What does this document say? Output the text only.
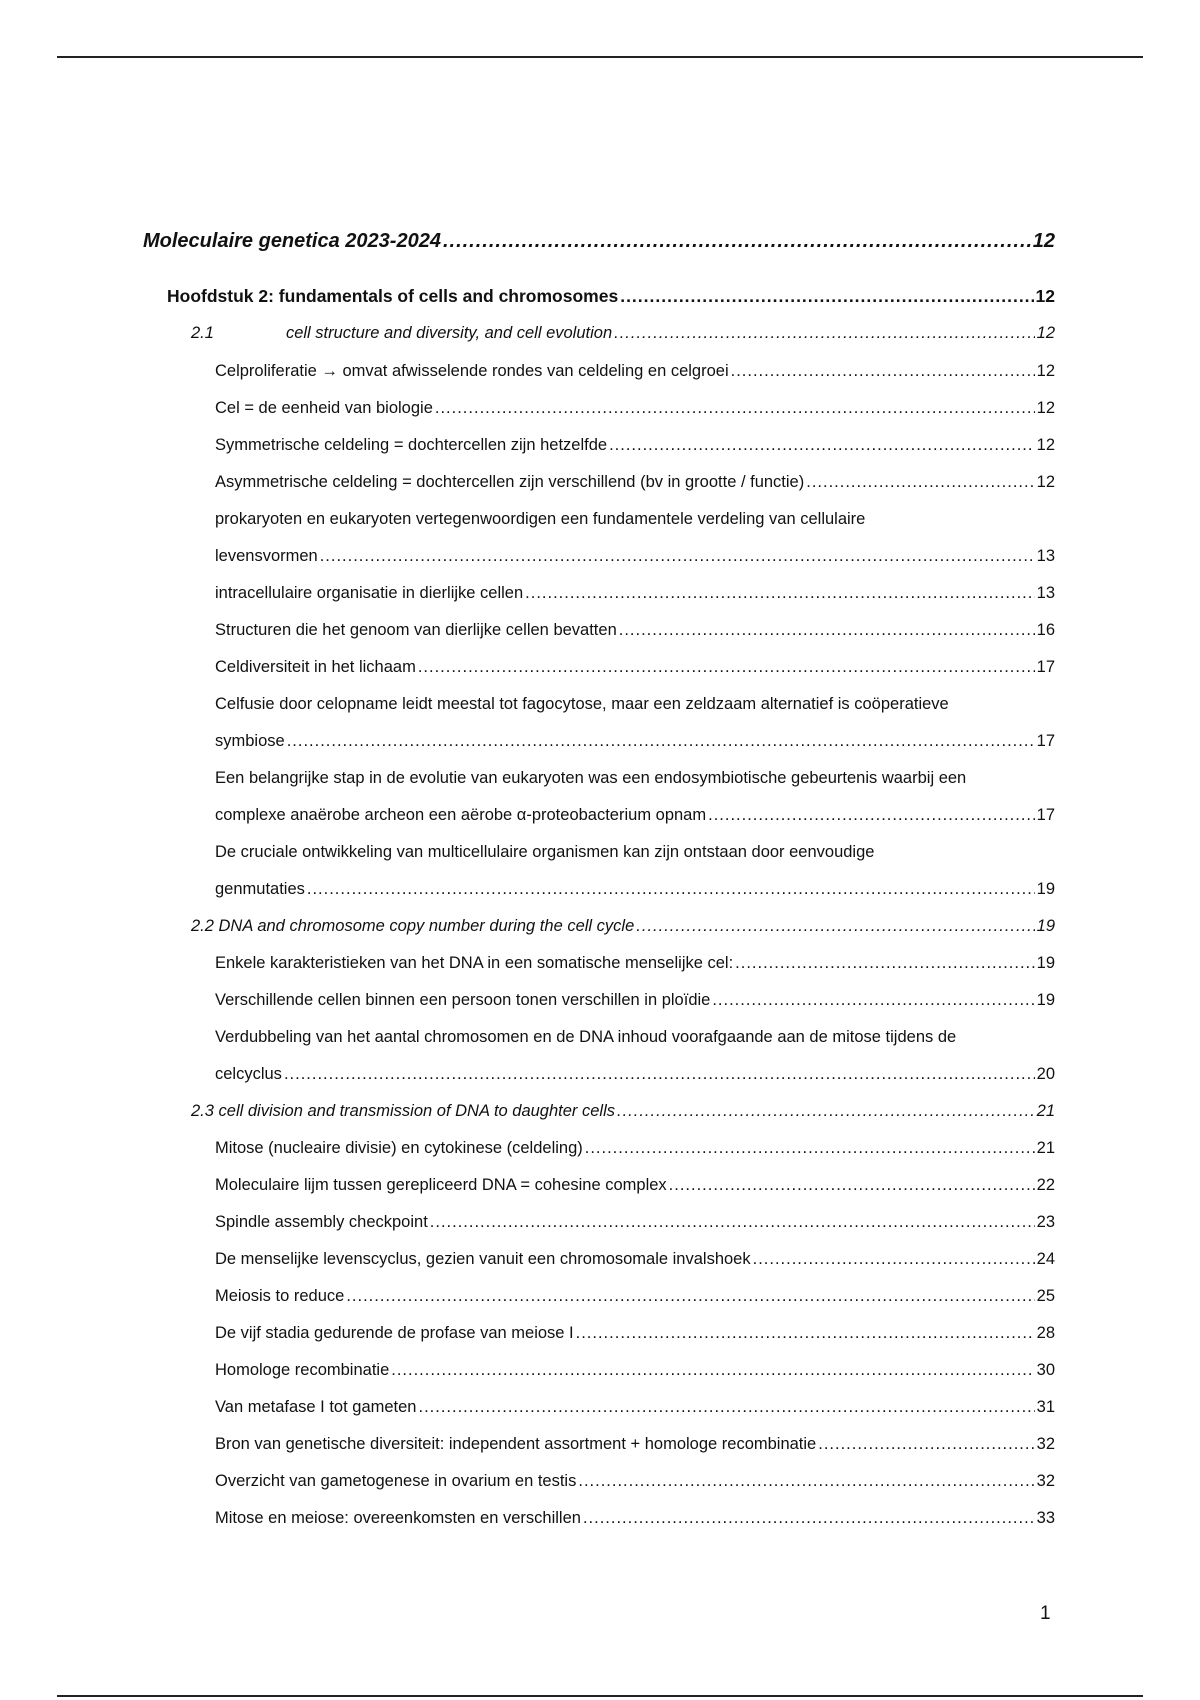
Moleculaire genetica 2023-2024 .....	12
Hoofdstuk 2: fundamentals of cells and chromosomes .....	12
2.1	cell structure and diversity, and cell evolution .....	12
Celproliferatie → omvat afwisselende rondes van celdeling en celgroei .....	12
Cel = de eenheid van biologie .....	12
Symmetrische celdeling = dochtercellen zijn hetzelfde .....	12
Asymmetrische celdeling = dochtercellen zijn verschillend (bv in grootte / functie) .....	12
prokaryoten en eukaryoten vertegenwoordigen een fundamentele verdeling van cellulaire
levensvormen .....	13
intracellulaire organisatie in dierlijke cellen .....	13
Structuren die het genoom van dierlijke cellen bevatten .....	16
Celdiversiteit in het lichaam .....	17
Celfusie door celopname leidt meestal tot fagocytose, maar een zeldzaam alternatief is coöperatieve
symbiose .....	17
Een belangrijke stap in de evolutie van eukaryoten was een endosymbiotische gebeurtenis waarbij een
complexe anaërobe archeon een aërobe α-proteobacterium opnam .....	17
De cruciale ontwikkeling van multicellulaire organismen kan zijn ontstaan door eenvoudige
genmutaties .....	19
2.2 DNA and chromosome copy number during the cell cycle .....	19
Enkele karakteristieken van het DNA in een somatische menselijke cel: .....	19
Verschillende cellen binnen een persoon tonen verschillen in ploïdie .....	19
Verdubbeling van het aantal chromosomen en de DNA inhoud voorafgaande aan de mitose tijdens de
celcyclus .....	20
2.3 cell division and transmission of DNA to daughter cells .....	21
Mitose (nucleaire divisie) en cytokinese (celdeling) .....	21
Moleculaire lijm tussen gerepliceerd DNA = cohesine complex .....	22
Spindle assembly checkpoint .....	23
De menselijke levenscyclus, gezien vanuit een chromosomale invalshoek .....	24
Meiosis to reduce .....	25
De vijf stadia gedurende de profase van meiose I .....	28
Homologe recombinatie .....	30
Van metafase I tot gameten .....	31
Bron van genetische diversiteit: independent assortment + homologe recombinatie .....	32
Overzicht van gametogenese in ovarium en testis .....	32
Mitose en meiose: overeenkomsten en verschillen .....	33
1
